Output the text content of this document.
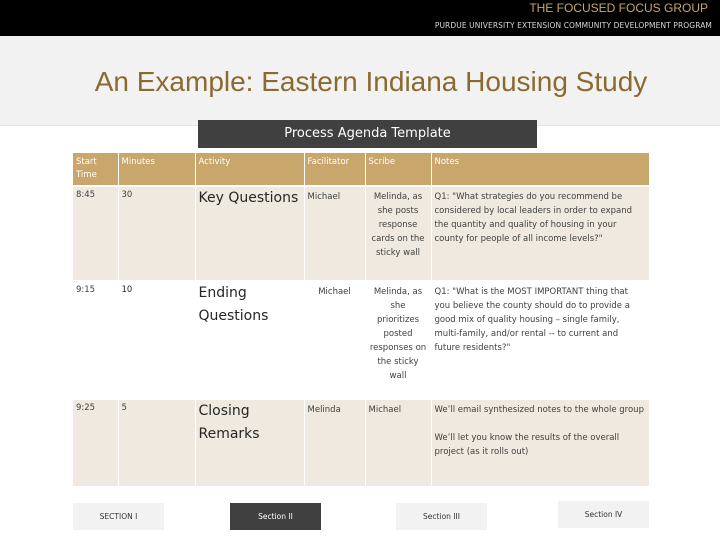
THE FOCUSED FOCUS GROUP
PURDUE UNIVERSITY EXTENSION COMMUNITY DEVELOPMENT PROGRAM
An Example: Eastern Indiana Housing Study
Process Agenda Template
Start Time	Minutes	Activity	Facilitator	Scribe	Notes
8:45	30	Key Questions	Michael	Melinda, as she posts response cards on the sticky wall	Q1: "What strategies do you recommend be considered by local leaders in order to expand the quantity and quality of housing in your county for people of all income levels?"

9:15	10	Ending Questions	Michael	Melinda, as she prioritizes posted responses on the sticky wall	Q1: "What is the MOST IMPORTANT thing that you believe the county should do to provide a good mix of quality housing – single family, multi-family, and/or rental -- to current and future residents?"

9:25	5	Closing Remarks	Melinda	Michael	We’ll email synthesized notes to the whole group
We’ll let you know the results of the overall project (as it rolls out)
SECTION I	Section II	Section III	Section IV
